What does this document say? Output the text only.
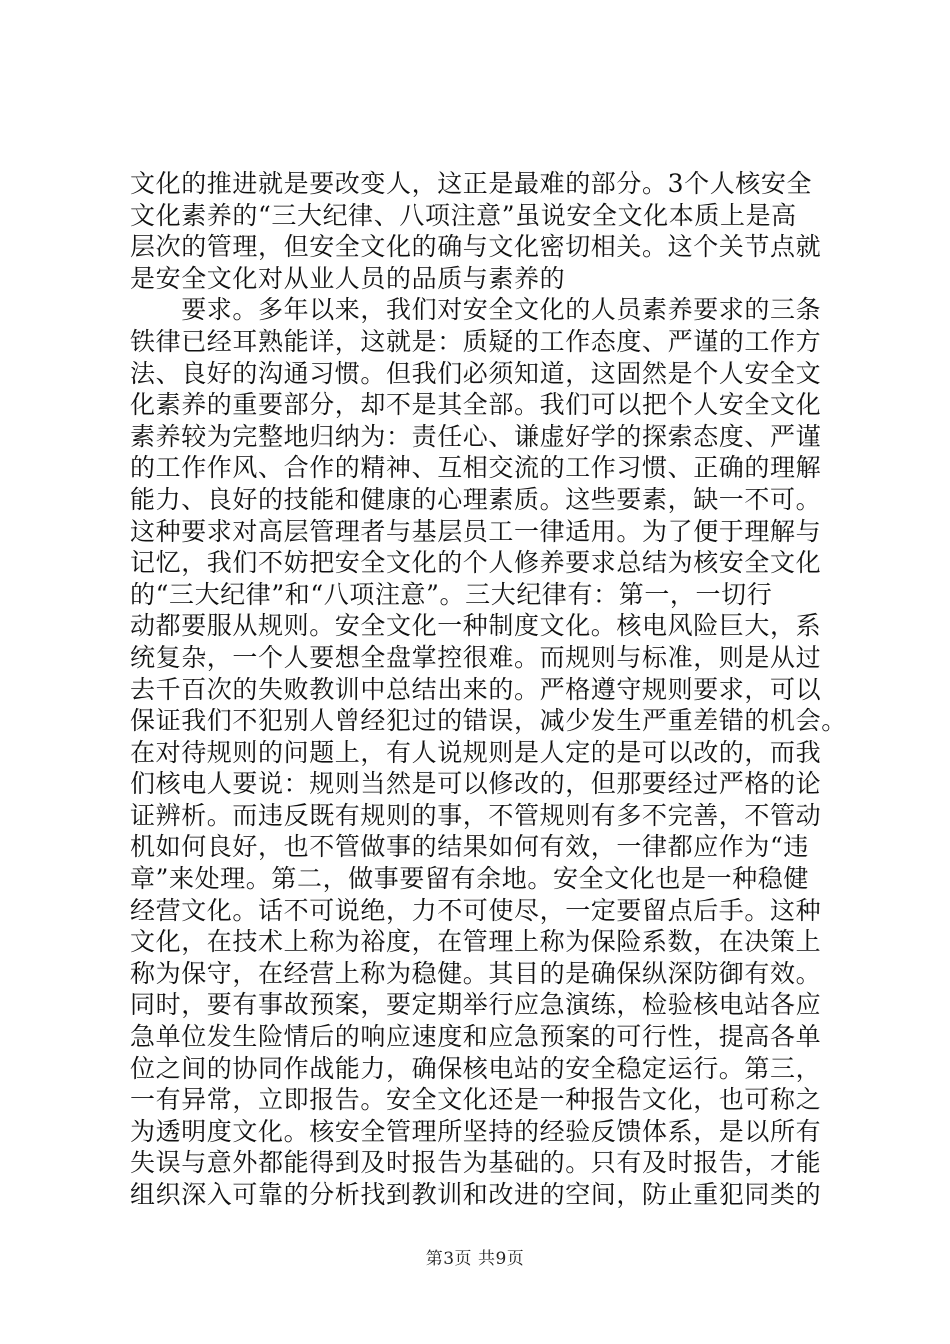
文化的推进就是要改变人，这正是最难的部分。3个人核安全
文化素养的“三大纪律、八项注意”虽说安全文化本质上是高
层次的管理，但安全文化的确与文化密切相关。这个关节点就
是安全文化对从业人员的品质与素养的
　　要求。多年以来，我们对安全文化的人员素养要求的三条
铁律已经耳熟能详，这就是：质疑的工作态度、严谨的工作方
法、良好的沟通习惯。但我们必须知道，这固然是个人安全文
化素养的重要部分，却不是其全部。我们可以把个人安全文化
素养较为完整地归纳为：责任心、谦虚好学的探索态度、严谨
的工作作风、合作的精神、互相交流的工作习惯、正确的理解
能力、良好的技能和健康的心理素质。这些要素，缺一不可。
这种要求对高层管理者与基层员工一律适用。为了便于理解与
记忆，我们不妨把安全文化的个人修养要求总结为核安全文化
的“三大纪律”和“八项注意”。三大纪律有：第一，一切行
动都要服从规则。安全文化一种制度文化。核电风险巨大，系
统复杂，一个人要想全盘掌控很难。而规则与标准，则是从过
去千百次的失败教训中总结出来的。严格遵守规则要求，可以
保证我们不犯别人曾经犯过的错误，减少发生严重差错的机会。
在对待规则的问题上，有人说规则是人定的是可以改的，而我
们核电人要说：规则当然是可以修改的，但那要经过严格的论
证辨析。而违反既有规则的事，不管规则有多不完善，不管动
机如何良好，也不管做事的结果如何有效，一律都应作为“违
章”来处理。第二，做事要留有余地。安全文化也是一种稳健
经营文化。话不可说绝，力不可使尽，一定要留点后手。这种
文化，在技术上称为裕度，在管理上称为保险系数，在决策上
称为保守，在经营上称为稳健。其目的是确保纵深防御有效。
同时，要有事故预案，要定期举行应急演练，检验核电站各应
急单位发生险情后的响应速度和应急预案的可行性，提高各单
位之间的协同作战能力，确保核电站的安全稳定运行。第三，
一有异常，立即报告。安全文化还是一种报告文化，也可称之
为透明度文化。核安全管理所坚持的经验反馈体系，是以所有
失误与意外都能得到及时报告为基础的。只有及时报告，才能
组织深入可靠的分析找到教训和改进的空间，防止重犯同类的
第3页 共9页
